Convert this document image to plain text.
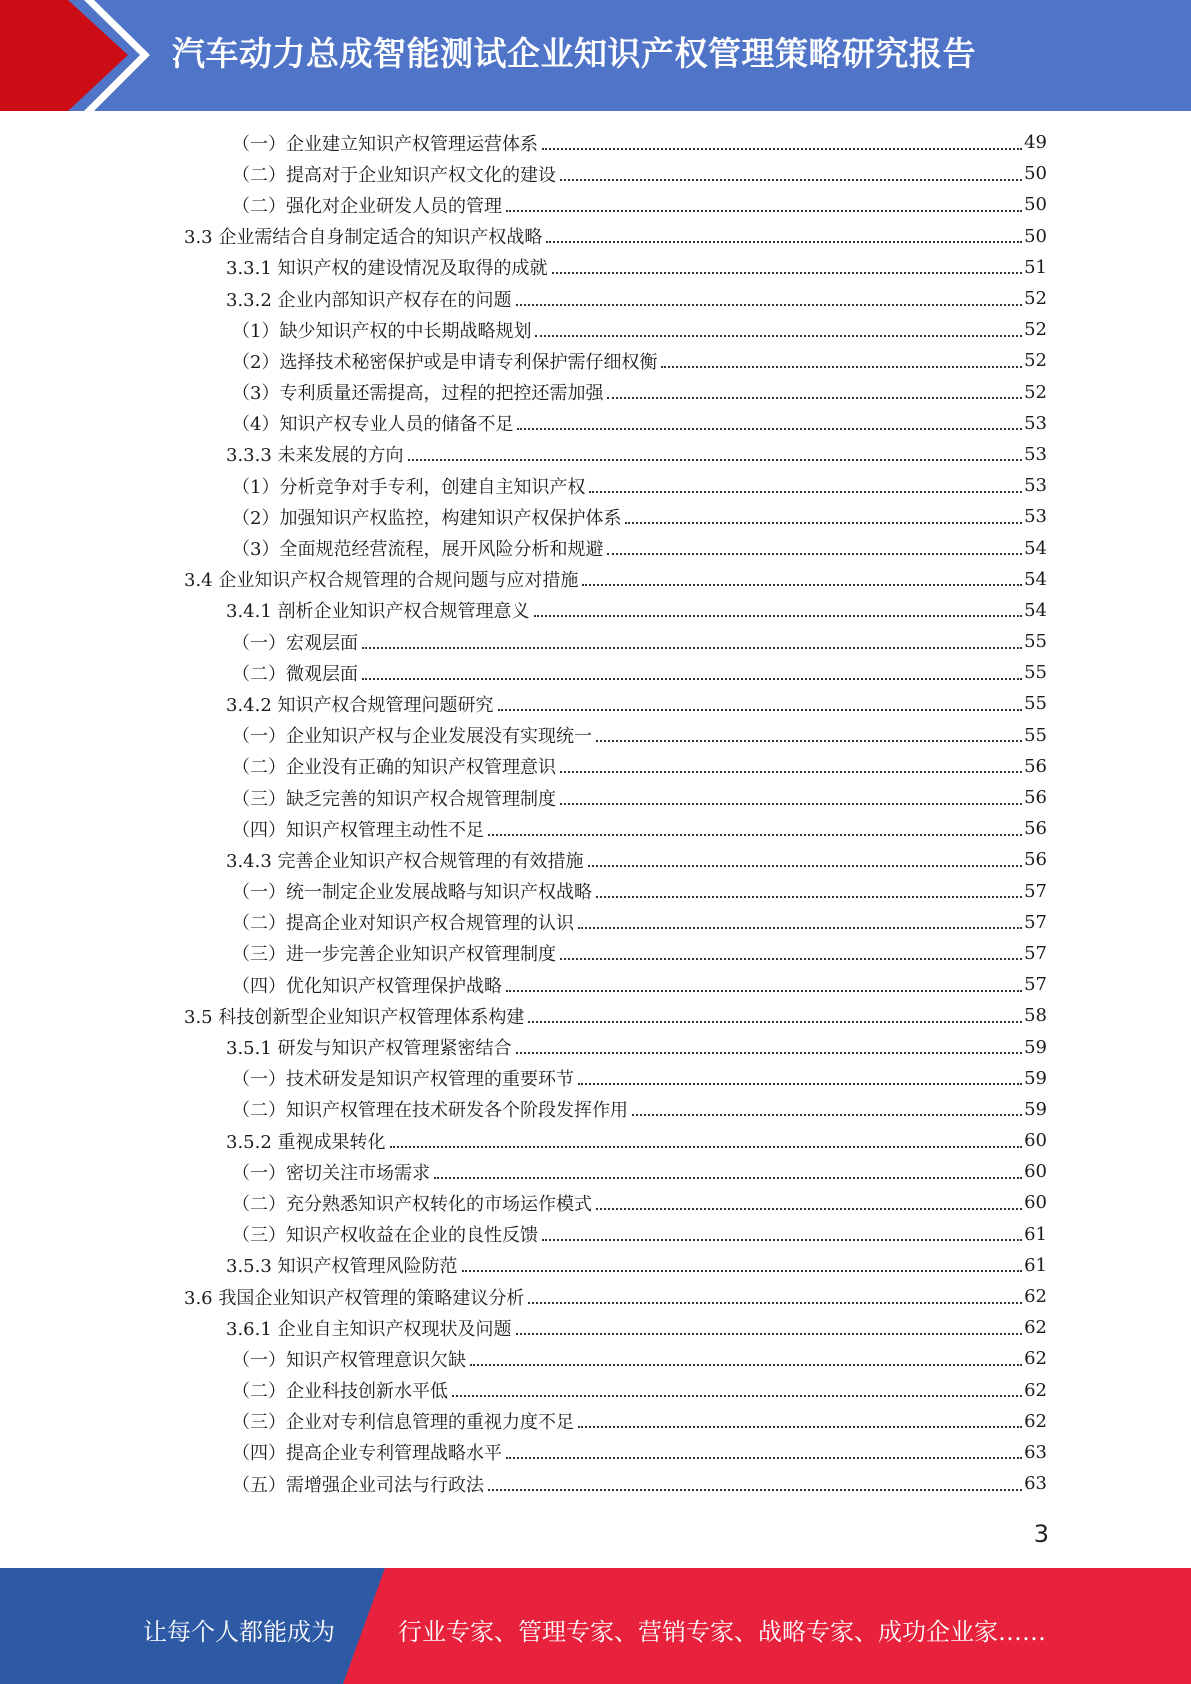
汽车动力总成智能测试企业知识产权管理策略研究报告
（一）企业建立知识产权管理运营体系	49
（二）提高对于企业知识产权文化的建设	50
（二）强化对企业研发人员的管理	50
3.3 企业需结合自身制定适合的知识产权战略	50
3.3.1 知识产权的建设情况及取得的成就	51
3.3.2 企业内部知识产权存在的问题	52
（1）缺少知识产权的中长期战略规划	52
（2）选择技术秘密保护或是申请专利保护需仔细权衡	52
（3）专利质量还需提高，过程的把控还需加强	52
（4）知识产权专业人员的储备不足	53
3.3.3 未来发展的方向	53
（1）分析竞争对手专利，创建自主知识产权	53
（2）加强知识产权监控，构建知识产权保护体系	53
（3）全面规范经营流程，展开风险分析和规避	54
3.4 企业知识产权合规管理的合规问题与应对措施	54
3.4.1 剖析企业知识产权合规管理意义	54
（一）宏观层面	55
（二）微观层面	55
3.4.2 知识产权合规管理问题研究	55
（一）企业知识产权与企业发展没有实现统一	55
（二）企业没有正确的知识产权管理意识	56
（三）缺乏完善的知识产权合规管理制度	56
（四）知识产权管理主动性不足	56
3.4.3 完善企业知识产权合规管理的有效措施	56
（一）统一制定企业发展战略与知识产权战略	57
（二）提高企业对知识产权合规管理的认识	57
（三）进一步完善企业知识产权管理制度	57
（四）优化知识产权管理保护战略	57
3.5 科技创新型企业知识产权管理体系构建	58
3.5.1 研发与知识产权管理紧密结合	59
（一）技术研发是知识产权管理的重要环节	59
（二）知识产权管理在技术研发各个阶段发挥作用	59
3.5.2 重视成果转化	60
（一）密切关注市场需求	60
（二）充分熟悉知识产权转化的市场运作模式	60
（三）知识产权收益在企业的良性反馈	61
3.5.3 知识产权管理风险防范	61
3.6 我国企业知识产权管理的策略建议分析	62
3.6.1 企业自主知识产权现状及问题	62
（一）知识产权管理意识欠缺	62
（二）企业科技创新水平低	62
（三）企业对专利信息管理的重视力度不足	62
（四）提高企业专利管理战略水平	63
（五）需增强企业司法与行政法	63
3
让每个人都能成为	行业专家、管理专家、营销专家、战略专家、成功企业家……
